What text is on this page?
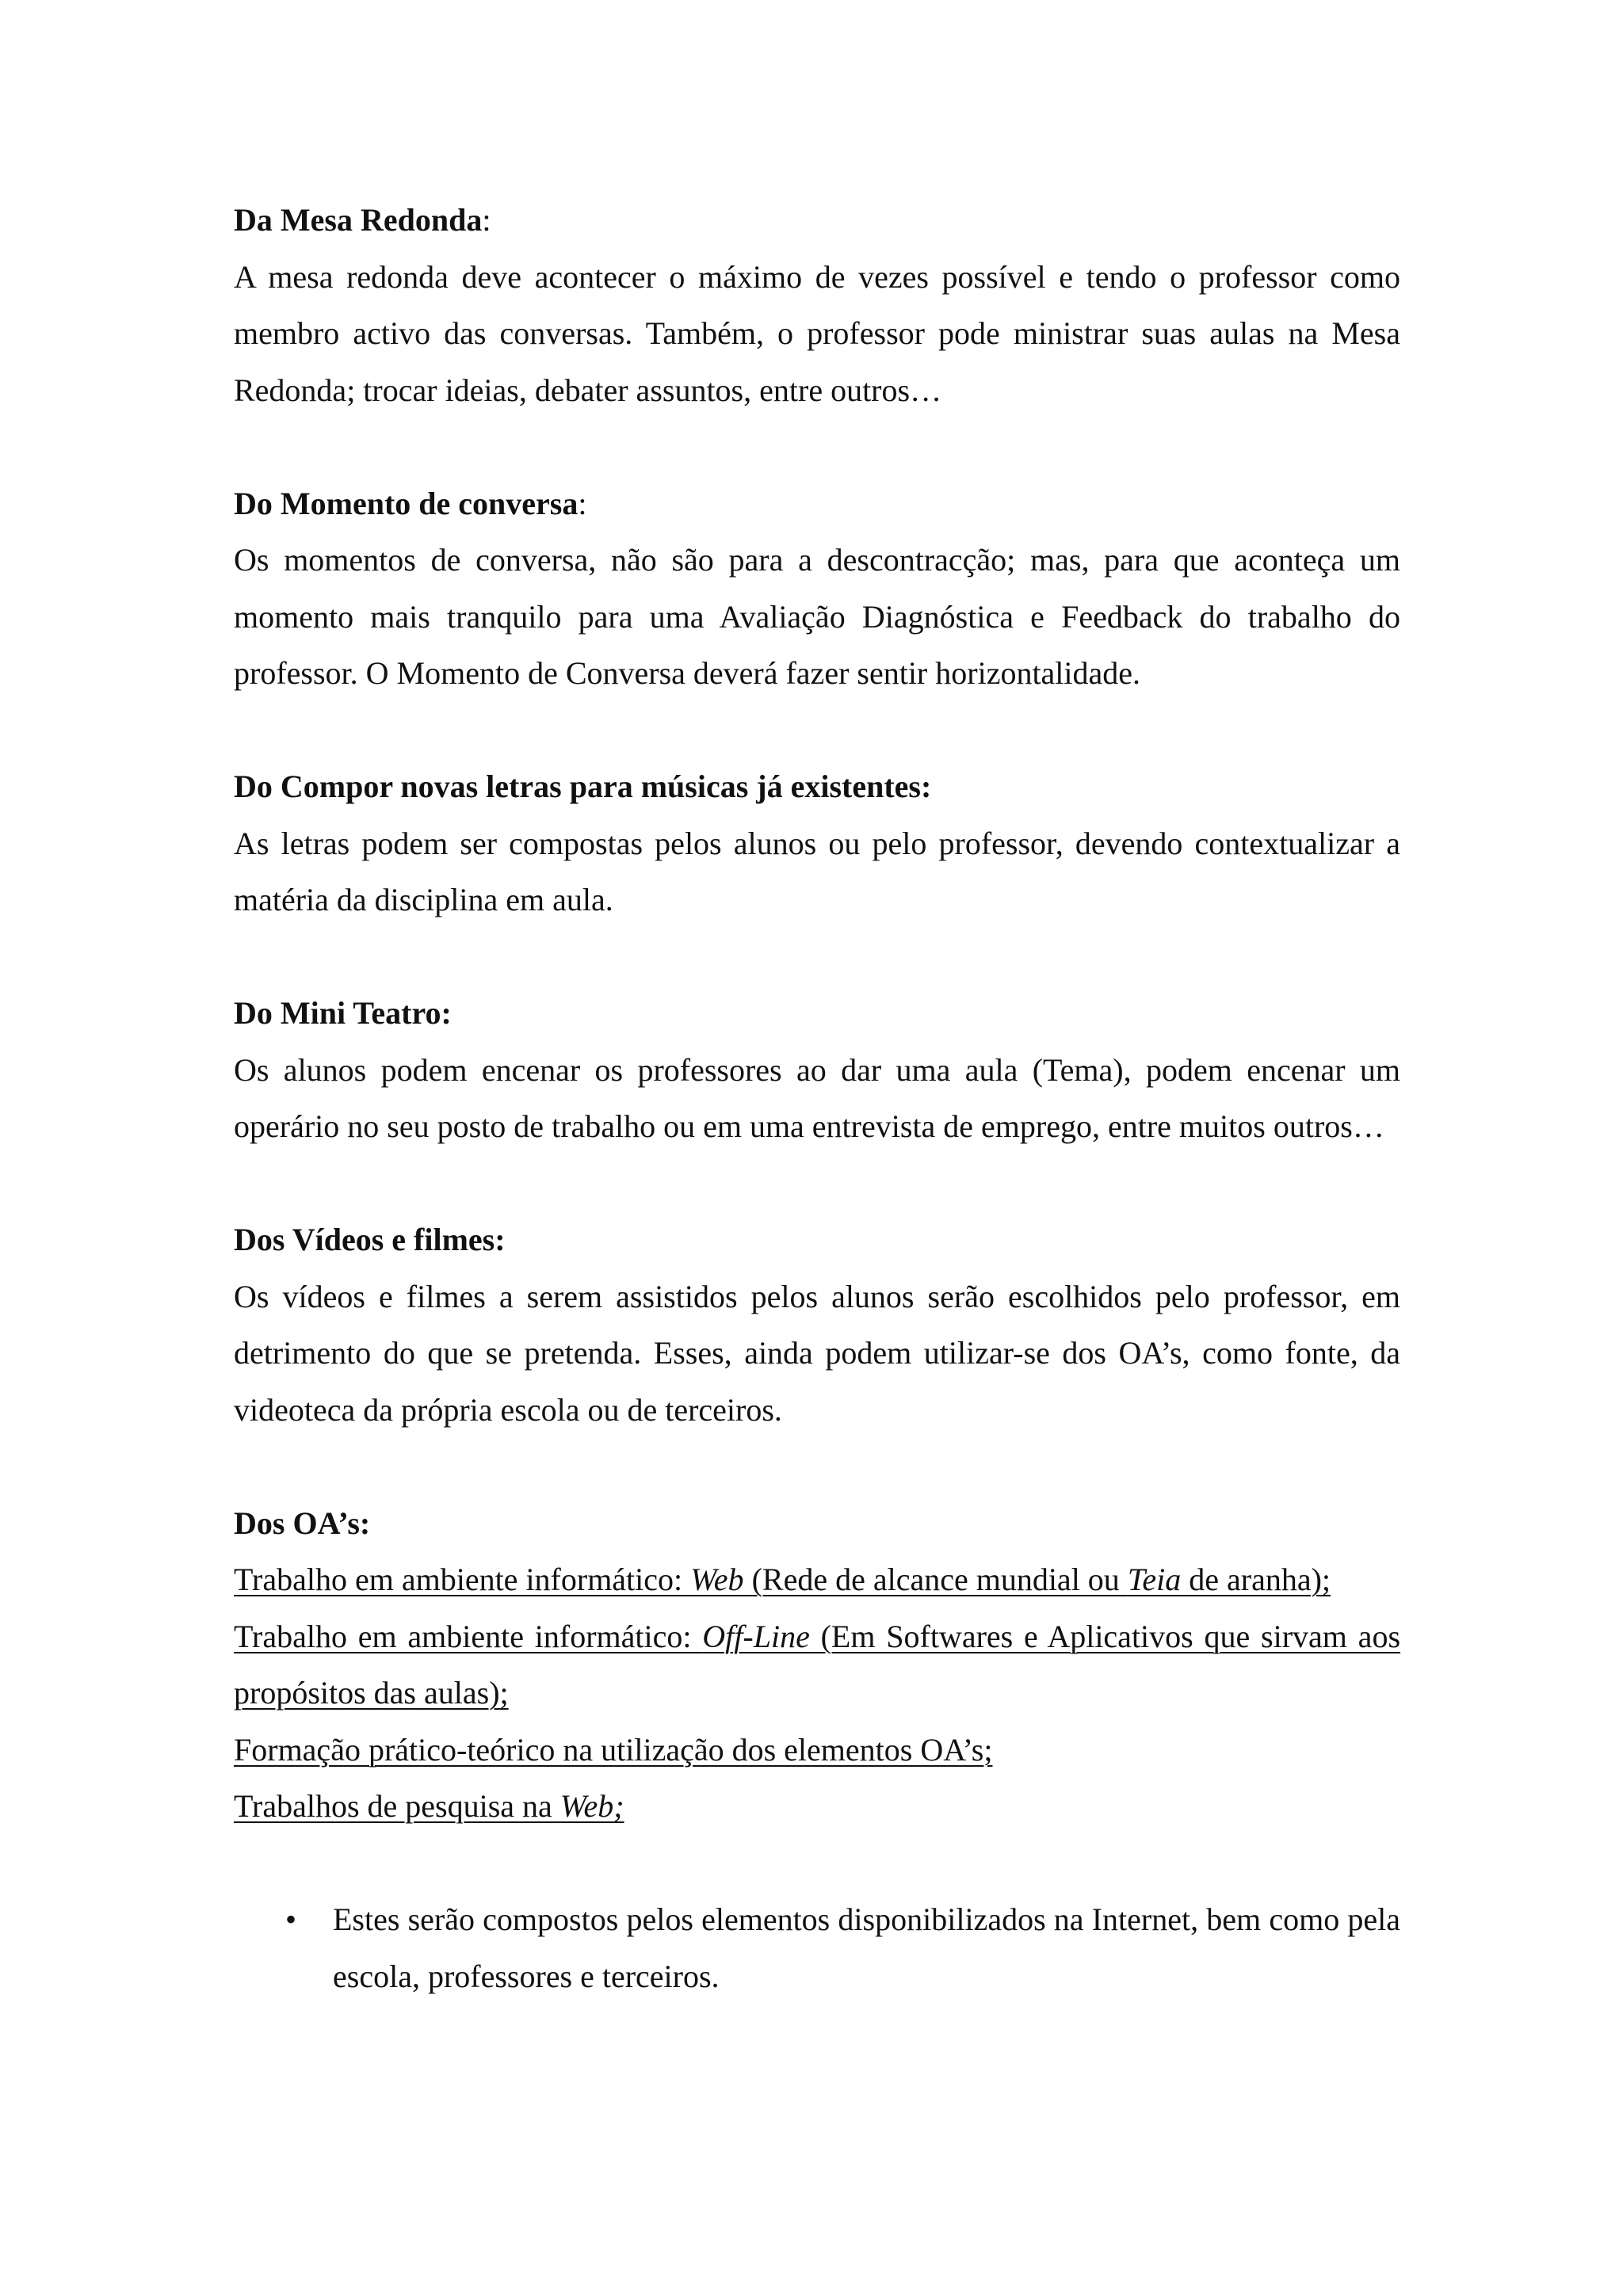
Da Mesa Redonda:

A mesa redonda deve acontecer o máximo de vezes possível e tendo o professor como membro activo das conversas. Também, o professor pode ministrar suas aulas na Mesa Redonda; trocar ideias, debater assuntos, entre outros…

Do Momento de conversa:

Os momentos de conversa, não são para a descontracção; mas, para que aconteça um momento mais tranquilo para uma Avaliação Diagnóstica e Feedback do trabalho do professor. O Momento de Conversa deverá fazer sentir horizontalidade.

Do Compor novas letras para músicas já existentes:

As letras podem ser compostas pelos alunos ou pelo professor, devendo contextualizar a matéria da disciplina em aula.

Do Mini Teatro:

Os alunos podem encenar os professores ao dar uma aula (Tema), podem encenar um operário no seu posto de trabalho ou em uma entrevista de emprego, entre muitos outros…

Dos Vídeos e filmes:

Os vídeos e filmes a serem assistidos pelos alunos serão escolhidos pelo professor, em detrimento do que se pretenda. Esses, ainda podem utilizar-se dos OA’s, como fonte, da videoteca da própria escola ou de terceiros.

Dos OA’s:

Trabalho em ambiente informático: Web (Rede de alcance mundial ou Teia de aranha);

Trabalho em ambiente informático: Off-Line (Em Softwares e Aplicativos que sirvam aos propósitos das aulas);

Formação prático-teórico na utilização dos elementos OA’s;

Trabalhos de pesquisa na Web;

• Estes serão compostos pelos elementos disponibilizados na Internet, bem como pela escola, professores e terceiros.
